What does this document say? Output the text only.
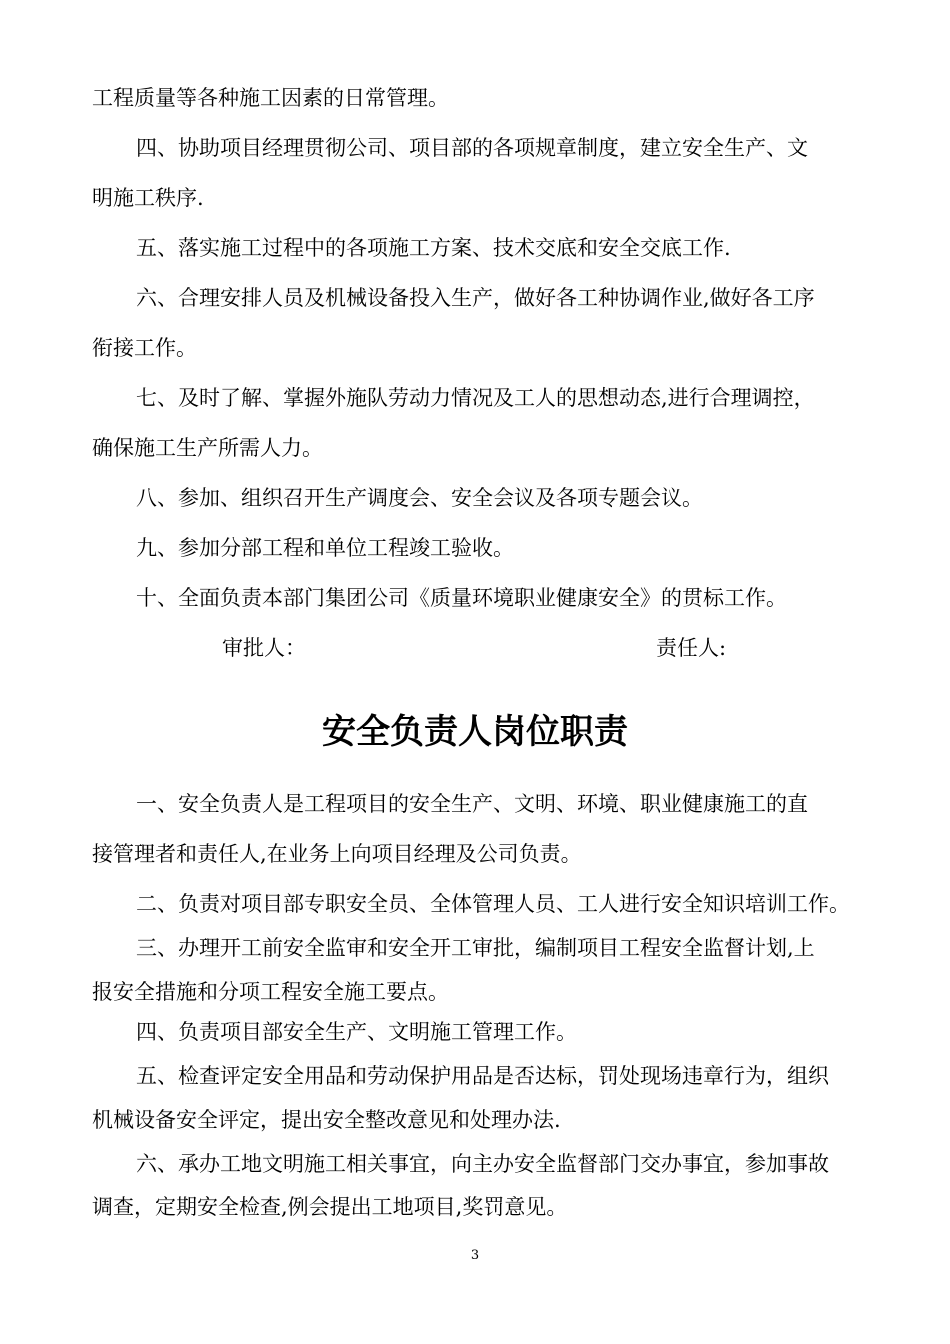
工程质量等各种施工因素的日常管理。
四、协助项目经理贯彻公司、项目部的各项规章制度，建立安全生产、文
明施工秩序.
五、落实施工过程中的各项施工方案、技术交底和安全交底工作.
六、合理安排人员及机械设备投入生产，做好各工种协调作业,做好各工序
衔接工作。
七、及时了解、掌握外施队劳动力情况及工人的思想动态,进行合理调控，
确保施工生产所需人力。
八、参加、组织召开生产调度会、安全会议及各项专题会议。
九、参加分部工程和单位工程竣工验收。
十、全面负责本部门集团公司《质量环境职业健康安全》的贯标工作。
审批人：	责任人:
安全负责人岗位职责
一、安全负责人是工程项目的安全生产、文明、环境、职业健康施工的直
接管理者和责任人,在业务上向项目经理及公司负责。
二、负责对项目部专职安全员、全体管理人员、工人进行安全知识培训工作。
三、办理开工前安全监审和安全开工审批，编制项目工程安全监督计划,上
报安全措施和分项工程安全施工要点。
四、负责项目部安全生产、文明施工管理工作。
五、检查评定安全用品和劳动保护用品是否达标，罚处现场违章行为，组织
机械设备安全评定，提出安全整改意见和处理办法.
六、承办工地文明施工相关事宜，向主办安全监督部门交办事宜，参加事故
调查，定期安全检查,例会提出工地项目,奖罚意见。
3
